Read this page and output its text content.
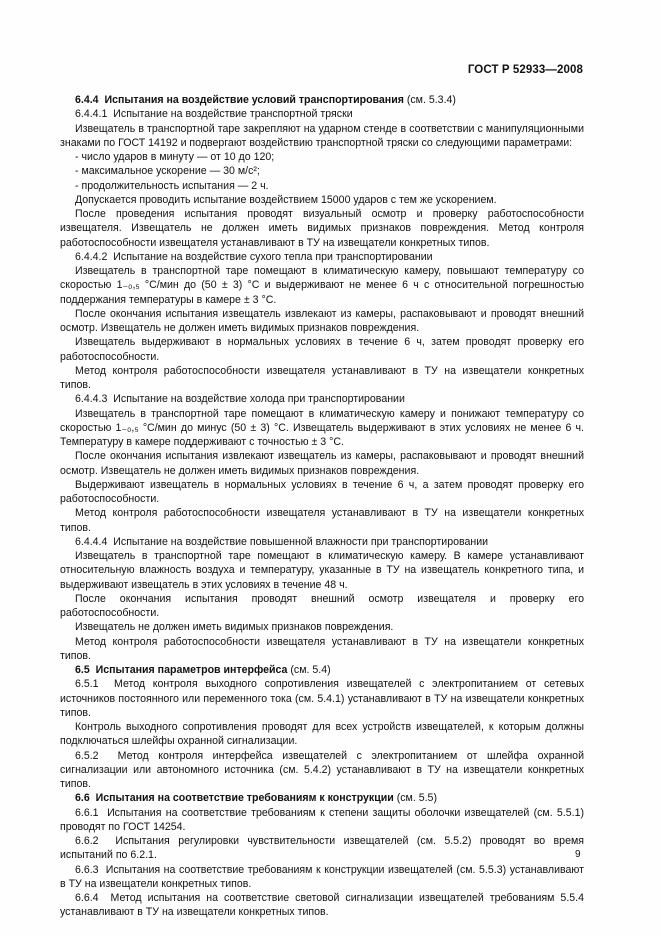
ГОСТ Р 52933—2008
6.4.4  Испытания на воздействие условий транспортирования (см. 5.3.4)
6.4.4.1  Испытание на воздействие транспортной тряски
Извещатель в транспортной таре закрепляют на ударном стенде в соответствии с манипуляционными знаками по ГОСТ 14192 и подвергают воздействию транспортной тряски со следующими параметрами:
- число ударов в минуту — от 10 до 120;
- максимальное ускорение — 30 м/с²;
- продолжительность испытания — 2 ч.
Допускается проводить испытание воздействием 15000 ударов с тем же ускорением.
После проведения испытания проводят визуальный осмотр и проверку работоспособности извещателя. Извещатель не должен иметь видимых признаков повреждения. Метод контроля работоспособности извещателя устанавливают в ТУ на извещатели конкретных типов.
6.4.4.2  Испытание на воздействие сухого тепла при транспортировании
Извещатель в транспортной таре помещают в климатическую камеру, повышают температуру со скоростью 1₋₀,₅ °С/мин до (50 ± 3) °С и выдерживают не менее 6 ч с относительной погрешностью поддержания температуры в камере ± 3 °С.
После окончания испытания извещатель извлекают из камеры, распаковывают и проводят внешний осмотр. Извещатель не должен иметь видимых признаков повреждения.
Извещатель выдерживают в нормальных условиях в течение 6 ч, затем проводят проверку его работоспособности.
Метод контроля работоспособности извещателя устанавливают в ТУ на извещатели конкретных типов.
6.4.4.3  Испытание на воздействие холода при транспортировании
Извещатель в транспортной таре помещают в климатическую камеру и понижают температуру со скоростью 1₋₀,₅ °С/мин до минус (50 ± 3) °С. Извещатель выдерживают в этих условиях не менее 6 ч. Температуру в камере поддерживают с точностью ± 3 °С.
После окончания испытания извлекают извещатель из камеры, распаковывают и проводят внешний осмотр. Извещатель не должен иметь видимых признаков повреждения.
Выдерживают извещатель в нормальных условиях в течение 6 ч, а затем проводят проверку его работоспособности.
Метод контроля работоспособности извещателя устанавливают в ТУ на извещатели конкретных типов.
6.4.4.4  Испытание на воздействие повышенной влажности при транспортировании
Извещатель в транспортной таре помещают в климатическую камеру. В камере устанавливают относительную влажность воздуха и температуру, указанные в ТУ на извещатель конкретного типа, и выдерживают извещатель в этих условиях в течение 48 ч.
После окончания испытания проводят внешний осмотр извещателя и проверку его работоспособности.
Извещатель не должен иметь видимых признаков повреждения.
Метод контроля работоспособности извещателя устанавливают в ТУ на извещатели конкретных типов.
6.5  Испытания параметров интерфейса (см. 5.4)
6.5.1  Метод контроля выходного сопротивления извещателей с электропитанием от сетевых источников постоянного или переменного тока (см. 5.4.1) устанавливают в ТУ на извещатели конкретных типов.
Контроль выходного сопротивления проводят для всех устройств извещателей, к которым должны подключаться шлейфы охранной сигнализации.
6.5.2  Метод контроля интерфейса извещателей с электропитанием от шлейфа охранной сигнализации или автономного источника (см. 5.4.2) устанавливают в ТУ на извещатели конкретных типов.
6.6  Испытания на соответствие требованиям к конструкции (см. 5.5)
6.6.1  Испытания на соответствие требованиям к степени защиты оболочки извещателей (см. 5.5.1) проводят по ГОСТ 14254.
6.6.2  Испытания регулировки чувствительности извещателей (см. 5.5.2) проводят во время испытаний по 6.2.1.
6.6.3  Испытания на соответствие требованиям к конструкции извещателей (см. 5.5.3) устанавливают в ТУ на извещатели конкретных типов.
6.6.4  Метод испытания на соответствие световой сигнализации извещателей требованиям 5.5.4 устанавливают в ТУ на извещатели конкретных типов.
9
